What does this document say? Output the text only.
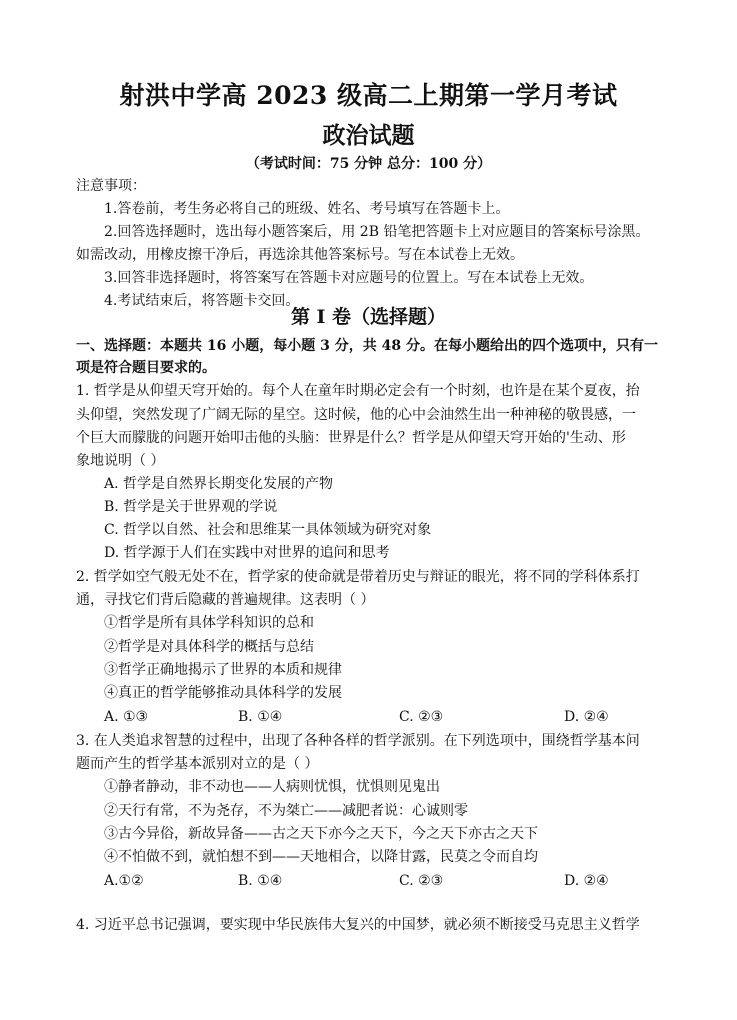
射洪中学高 2023 级高二上期第一学月考试
政治试题
（考试时间：75 分钟 总分：100 分）
注意事项：
1.答卷前，考生务必将自己的班级、姓名、考号填写在答题卡上。
2.回答选择题时，选出每小题答案后，用 2B 铅笔把答题卡上对应题目的答案标号涂黑。
如需改动，用橡皮擦干净后，再选涂其他答案标号。写在本试卷上无效。
3.回答非选择题时，将答案写在答题卡对应题号的位置上。写在本试卷上无效。
4.考试结束后，将答题卡交回。
第 I 卷（选择题）
一、选择题：本题共 16 小题，每小题 3 分，共 48 分。在每小题给出的四个选项中，只有一
项是符合题目要求的。
1. 哲学是从仰望天穹开始的。每个人在童年时期必定会有一个时刻，也许是在某个夏夜，抬
头仰望，突然发现了广阔无际的星空。这时候，他的心中会油然生出一种神秘的敬畏感，一
个巨大而朦胧的问题开始叩击他的头脑：世界是什么？哲学是从仰望天穹开始的'生动、形
象地说明（ ）
A. 哲学是自然界长期变化发展的产物
B. 哲学是关于世界观的学说
C. 哲学以自然、社会和思维某一具体领域为研究对象
D. 哲学源于人们在实践中对世界的追问和思考
2. 哲学如空气般无处不在，哲学家的使命就是带着历史与辩证的眼光，将不同的学科体系打
通，寻找它们背后隐藏的普遍规律。这表明（ ）
①哲学是所有具体学科知识的总和
②哲学是对具体科学的概括与总结
③哲学正确地揭示了世界的本质和规律
④真正的哲学能够推动具体科学的发展
A. ①③	B. ①④	C. ②③	D. ②④
3. 在人类追求智慧的过程中，出现了各种各样的哲学派别。在下列选项中，围绕哲学基本问
题而产生的哲学基本派别对立的是（ ）
①静者静动，非不动也——人病则忧惧，忧惧则见鬼出
②天行有常，不为尧存，不为桀亡——减肥者说：心诚则零
③古今异俗，新故异备——古之天下亦今之天下，今之天下亦古之天下
④不怕做不到，就怕想不到——天地相合，以降甘露，民莫之令而自均
A.①②	B. ①④	C. ②③	D. ②④
4. 习近平总书记强调，要实现中华民族伟大复兴的中国梦，就必须不断接受马克思主义哲学
